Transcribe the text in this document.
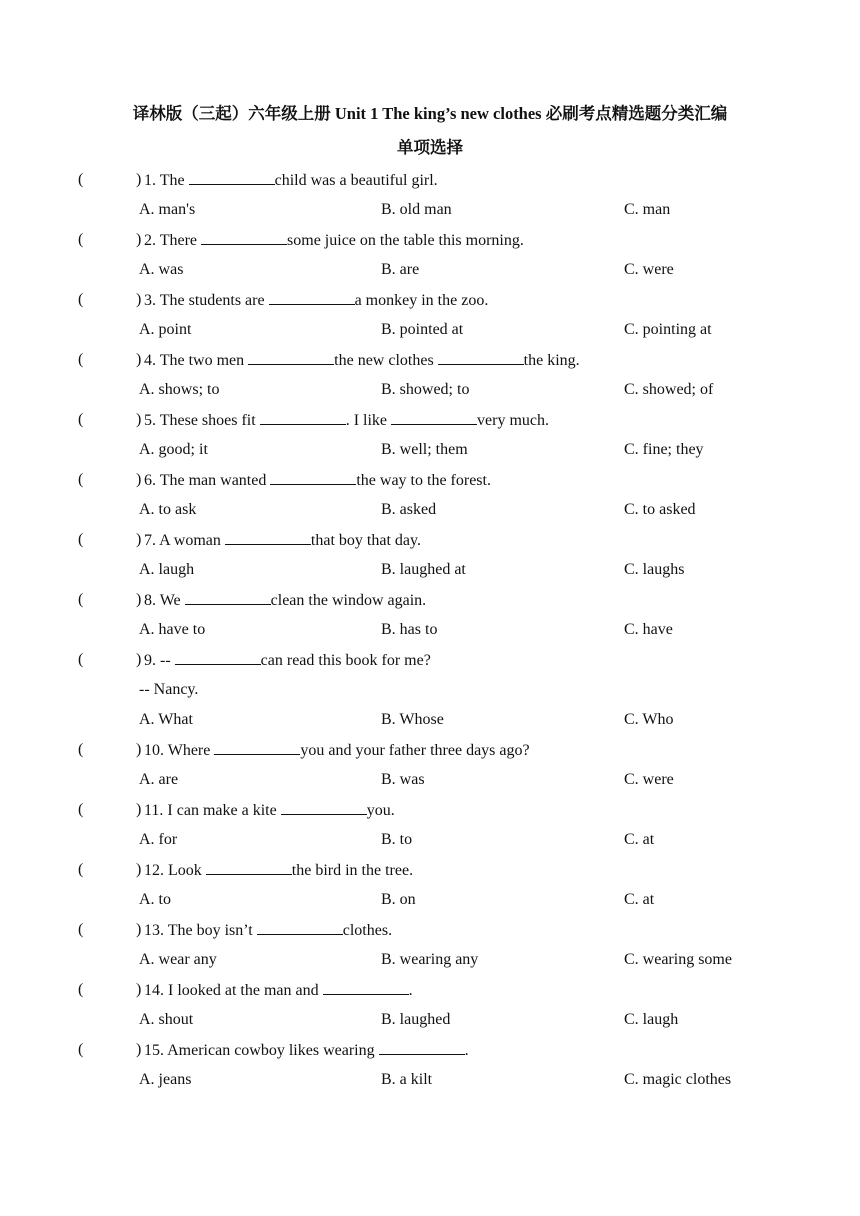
译林版（三起）六年级上册 Unit 1 The king’s new clothes 必刷考点精选题分类汇编
单项选择
(	) 1. The	child was a beautiful girl.
A. man's	B. old man	C. man
(	) 2. There	some juice on the table this morning.
A. was	B. are	C. were
(	) 3. The students are	a monkey in the zoo.
A. point	B. pointed at	C. pointing at
(	) 4. The two men	the new clothes	the king.
A. shows; to	B. showed; to	C. showed; of
(	) 5. These shoes fit	. I like	very much.
A. good; it	B. well; them	C. fine; they
(	) 6. The man wanted	the way to the forest.
A. to ask	B. asked	C. to asked
(	) 7. A woman	that boy that day.
A. laugh	B. laughed at	C. laughs
(	) 8. We	clean the window again.
A. have to	B. has to	C. have
(	) 9. --	can read this book for me?
-- Nancy.
A. What	B. Whose	C. Who
(	) 10. Where	you and your father three days ago?
A. are	B. was	C. were
(	) 11. I can make a kite	you.
A. for	B. to	C. at
(	) 12. Look	the bird in the tree.
A. to	B. on	C. at
(	) 13. The boy isn’t	clothes.
A. wear any	B. wearing any	C. wearing some
(	) 14. I looked at the man and	.
A. shout	B. laughed	C. laugh
(	) 15. American cowboy likes wearing	.
A. jeans	B. a kilt	C. magic clothes
